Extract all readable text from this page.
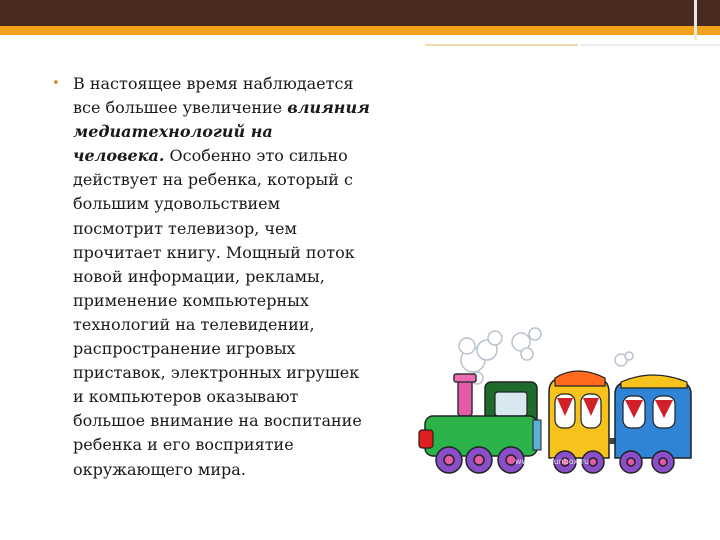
• В настоящее время наблюдается
все большее увеличение влияния
медиатехнологий на
человека. Особенно это сильно
действует на ребенка, который с
большим удовольствием
посмотрит телевизор, чем
прочитает книгу. Мощный поток
новой информации, рекламы,
применение компьютерных
технологий на телевидении,
распространение игровых
приставок, электронных игрушек
и компьютеров оказывают
большое внимание на воспитание
ребенка и его восприятие
окружающего мира.	www.wmfunbox.ru
